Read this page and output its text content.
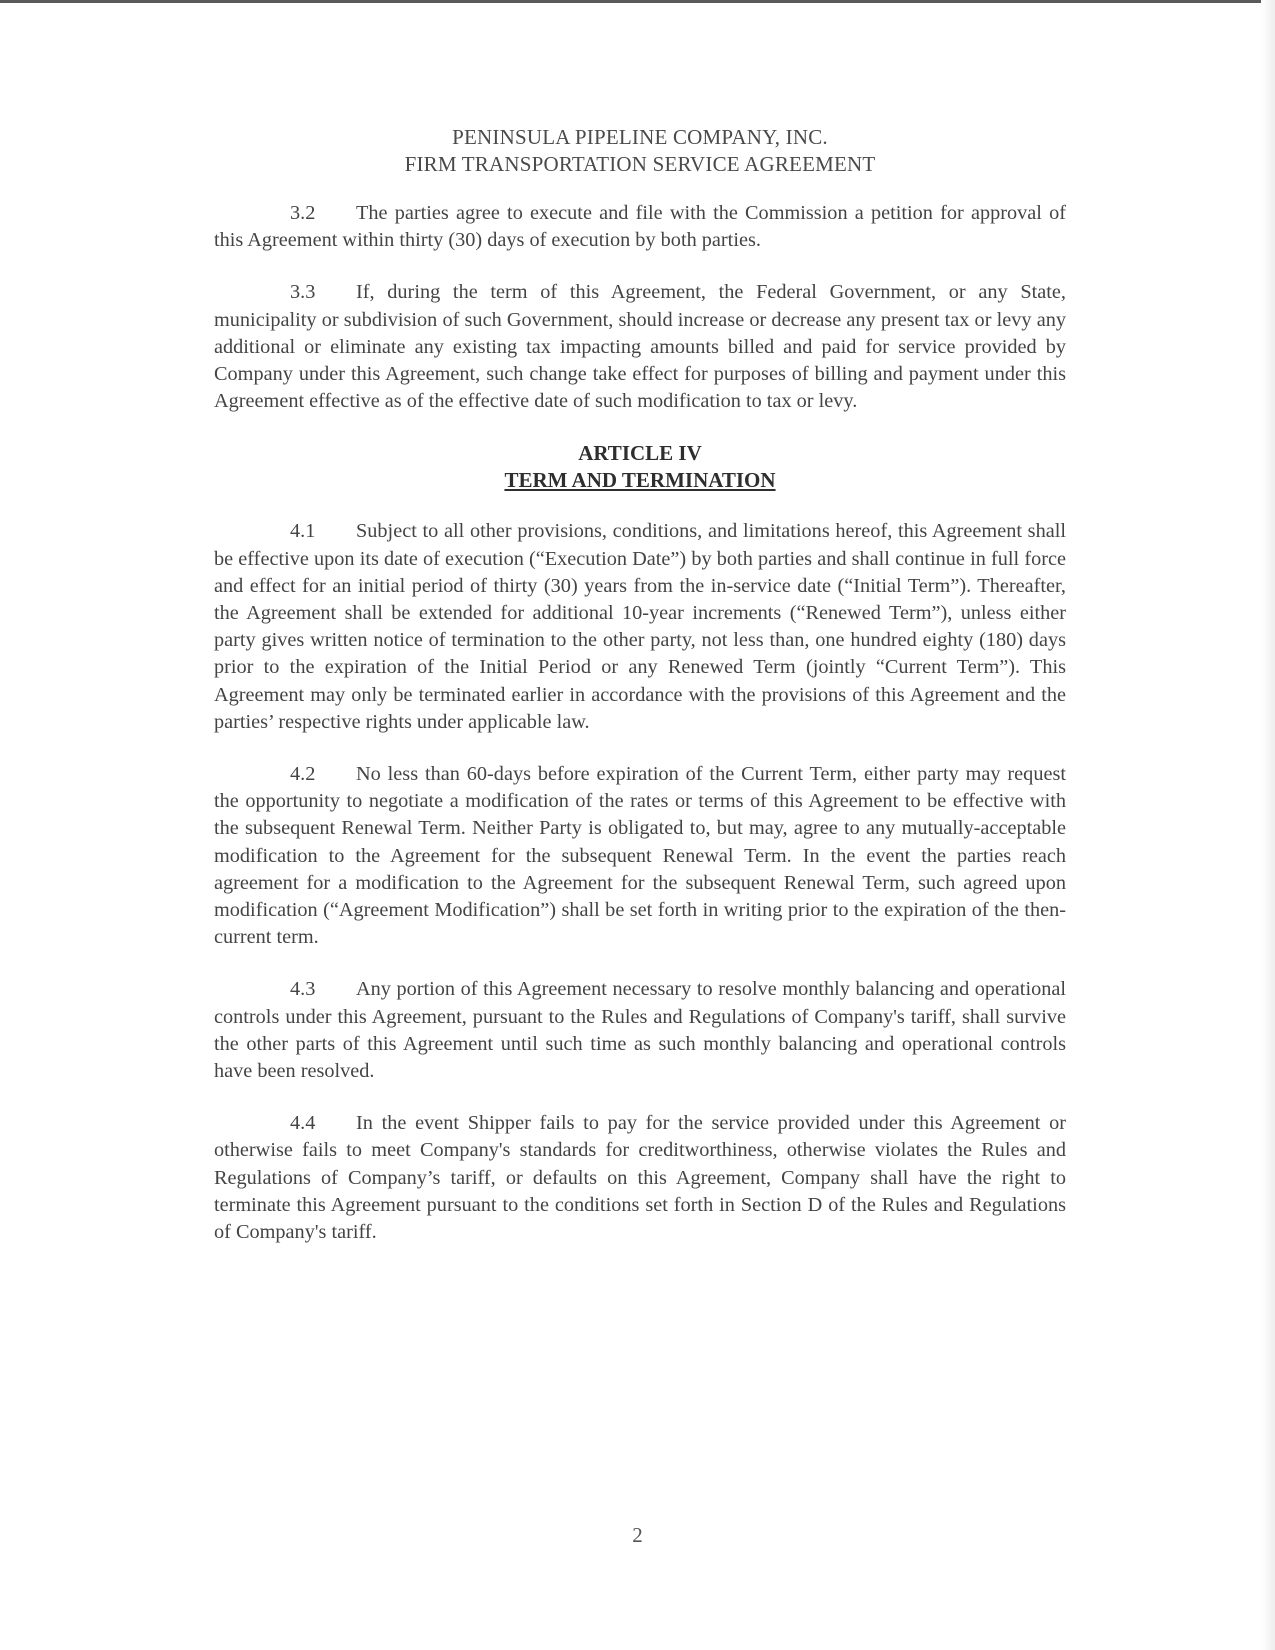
PENINSULA PIPELINE COMPANY, INC.
FIRM TRANSPORTATION SERVICE AGREEMENT

3.2 The parties agree to execute and file with the Commission a petition for approval of this Agreement within thirty (30) days of execution by both parties.

3.3 If, during the term of this Agreement, the Federal Government, or any State, municipality or subdivision of such Government, should increase or decrease any present tax or levy any additional or eliminate any existing tax impacting amounts billed and paid for service provided by Company under this Agreement, such change take effect for purposes of billing and payment under this Agreement effective as of the effective date of such modification to tax or levy.

ARTICLE IV
TERM AND TERMINATION

4.1 Subject to all other provisions, conditions, and limitations hereof, this Agreement shall be effective upon its date of execution (“Execution Date”) by both parties and shall continue in full force and effect for an initial period of thirty (30) years from the in-service date (“Initial Term”). Thereafter, the Agreement shall be extended for additional 10-year increments (“Renewed Term”), unless either party gives written notice of termination to the other party, not less than, one hundred eighty (180) days prior to the expiration of the Initial Period or any Renewed Term (jointly “Current Term”). This Agreement may only be terminated earlier in accordance with the provisions of this Agreement and the parties’ respective rights under applicable law.

4.2 No less than 60-days before expiration of the Current Term, either party may request the opportunity to negotiate a modification of the rates or terms of this Agreement to be effective with the subsequent Renewal Term. Neither Party is obligated to, but may, agree to any mutually-acceptable modification to the Agreement for the subsequent Renewal Term. In the event the parties reach agreement for a modification to the Agreement for the subsequent Renewal Term, such agreed upon modification (“Agreement Modification”) shall be set forth in writing prior to the expiration of the then-current term.

4.3 Any portion of this Agreement necessary to resolve monthly balancing and operational controls under this Agreement, pursuant to the Rules and Regulations of Company's tariff, shall survive the other parts of this Agreement until such time as such monthly balancing and operational controls have been resolved.

4.4 In the event Shipper fails to pay for the service provided under this Agreement or otherwise fails to meet Company's standards for creditworthiness, otherwise violates the Rules and Regulations of Company’s tariff, or defaults on this Agreement, Company shall have the right to terminate this Agreement pursuant to the conditions set forth in Section D of the Rules and Regulations of Company's tariff.

2
